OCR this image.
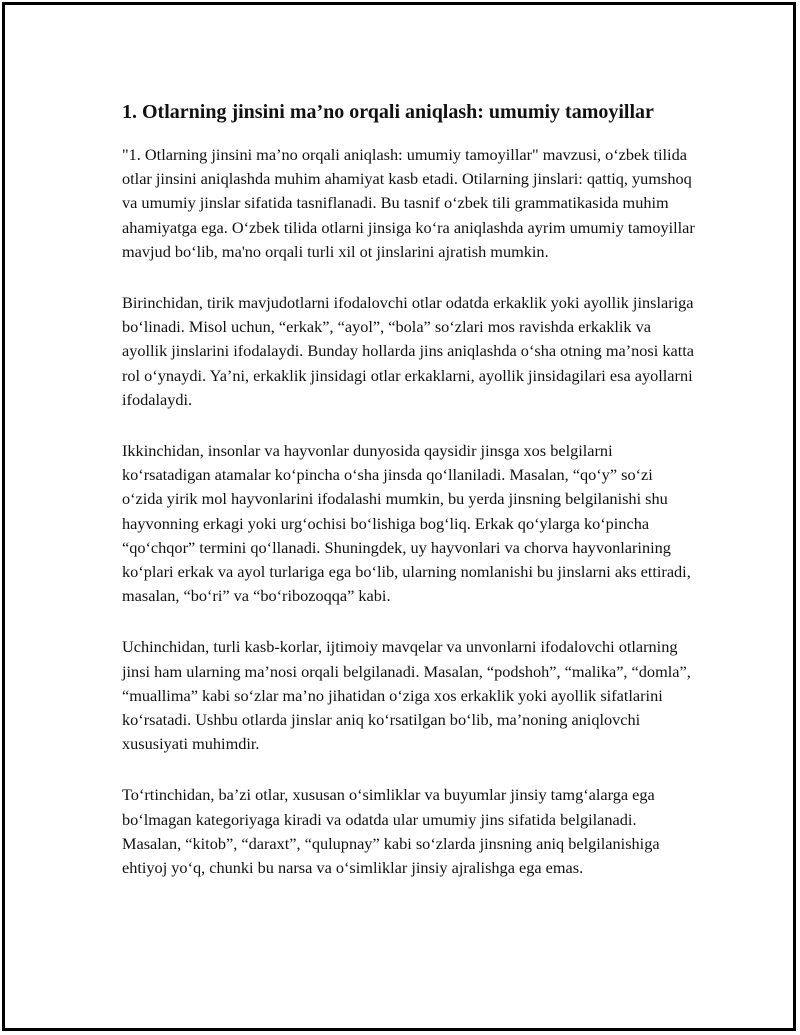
1. Otlarning jinsini ma’no orqali aniqlash: umumiy tamoyillar

"1. Otlarning jinsini ma’no orqali aniqlash: umumiy tamoyillar" mavzusi, o‘zbek tilida otlar jinsini aniqlashda muhim ahamiyat kasb etadi. Otilarning jinslari: qattiq, yumshoq va umumiy jinslar sifatida tasniflanadi. Bu tasnif o‘zbek tili grammatikasida muhim ahamiyatga ega. O‘zbek tilida otlarni jinsiga ko‘ra aniqlashda ayrim umumiy tamoyillar mavjud bo‘lib, ma'no orqali turli xil ot jinslarini ajratish mumkin.

Birinchidan, tirik mavjudotlarni ifodalovchi otlar odatda erkaklik yoki ayollik jinslariga bo‘linadi. Misol uchun, “erkak”, “ayol”, “bola” so‘zlari mos ravishda erkaklik va ayollik jinslarini ifodalaydi. Bunday hollarda jins aniqlashda o‘sha otning ma’nosi katta rol o‘ynaydi. Ya’ni, erkaklik jinsidagi otlar erkaklarni, ayollik jinsidagilari esa ayollarni ifodalaydi.

Ikkinchidan, insonlar va hayvonlar dunyosida qaysidir jinsga xos belgilarni ko‘rsatadigan atamalar ko‘pincha o‘sha jinsda qo‘llaniladi. Masalan, “qo‘y” so‘zi o‘zida yirik mol hayvonlarini ifodalashi mumkin, bu yerda jinsning belgilanishi shu hayvonning erkagi yoki urg‘ochisi bo‘lishiga bog‘liq. Erkak qo‘ylarga ko‘pincha “qo‘chqor” termini qo‘llanadi. Shuningdek, uy hayvonlari va chorva hayvonlarining ko‘plari erkak va ayol turlariga ega bo‘lib, ularning nomlanishi bu jinslarni aks ettiradi, masalan, “bo‘ri” va “bo‘ribozoqqa” kabi.

Uchinchidan, turli kasb-korlar, ijtimoiy mavqelar va unvonlarni ifodalovchi otlarning jinsi ham ularning ma’nosi orqali belgilanadi. Masalan, “podshoh”, “malika”, “domla”, “muallima” kabi so‘zlar ma’no jihatidan o‘ziga xos erkaklik yoki ayollik sifatlarini ko‘rsatadi. Ushbu otlarda jinslar aniq ko‘rsatilgan bo‘lib, ma’noning aniqlovchi xususiyati muhimdir.

To‘rtinchidan, ba’zi otlar, xususan o‘simliklar va buyumlar jinsiy tamg‘alarga ega bo‘lmagan kategoriyaga kiradi va odatda ular umumiy jins sifatida belgilanadi. Masalan, “kitob”, “daraxt”, “qulupnay” kabi so‘zlarda jinsning aniq belgilanishiga ehtiyoj yo‘q, chunki bu narsa va o‘simliklar jinsiy ajralishga ega emas.
